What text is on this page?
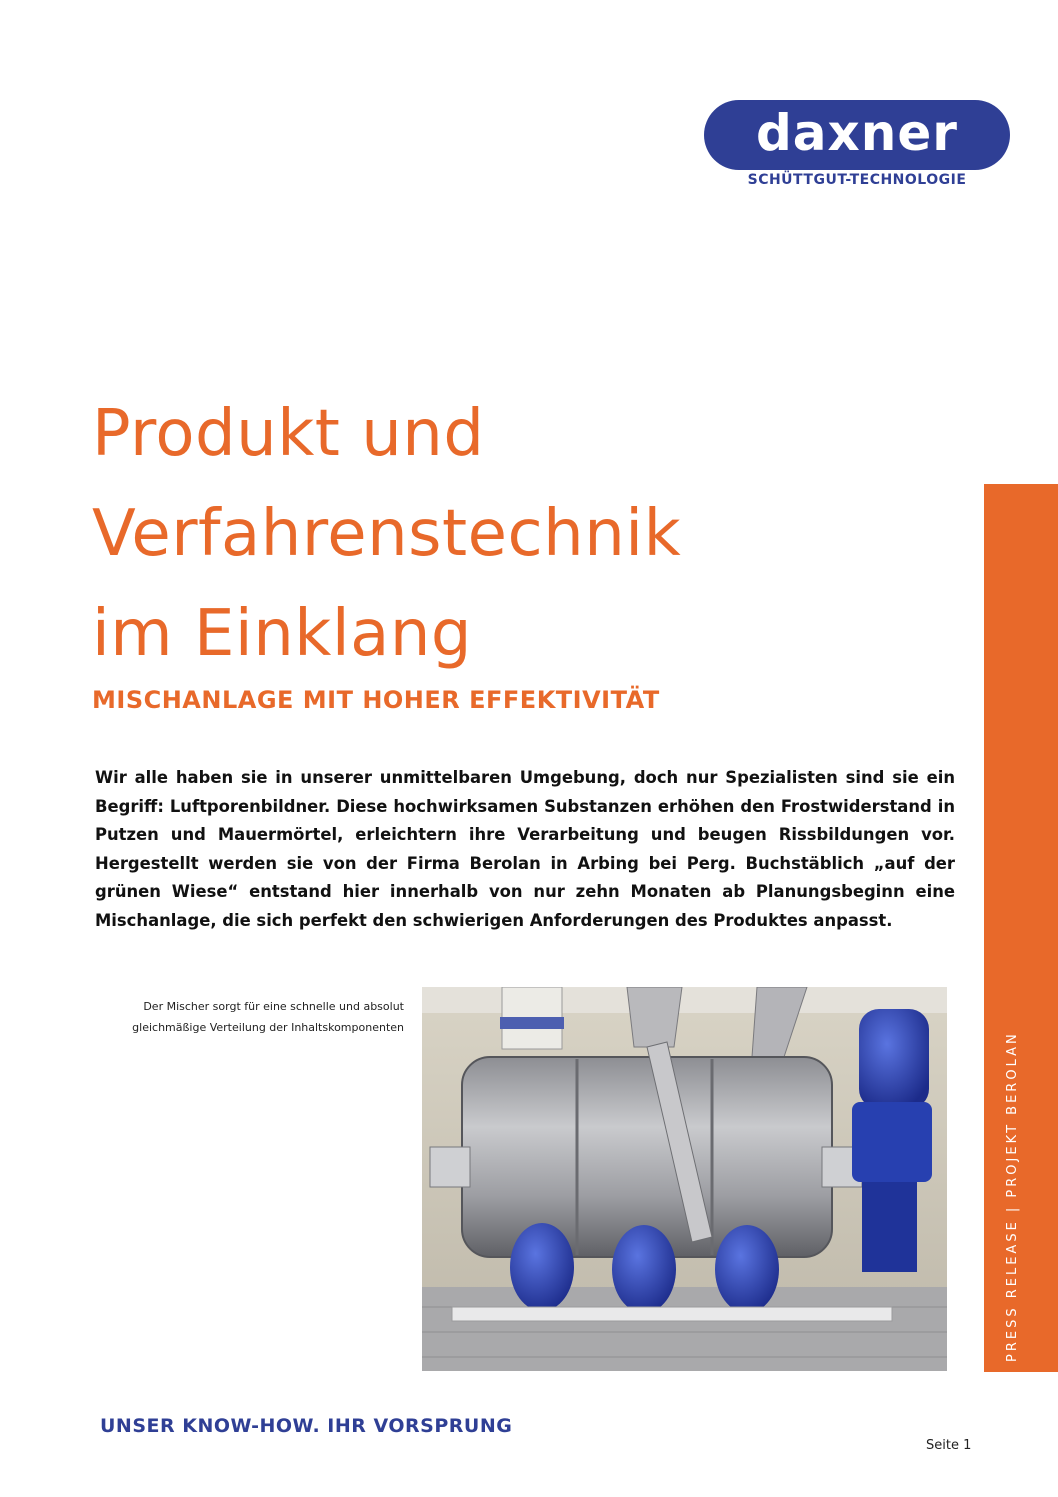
daxner
SCHÜTTGUT-TECHNOLOGIE
Produkt und
Verfahrenstechnik
im Einklang
MISCHANLAGE MIT HOHER EFFEKTIVITÄT

Wir alle haben sie in unserer unmittelbaren Umgebung, doch nur Spezialisten sind sie ein Begriff: Luftporenbildner. Diese hochwirksamen Substanzen erhöhen den Frostwiderstand in Putzen und Mauermörtel, erleichtern ihre Verarbeitung und beugen Rissbildungen vor. Hergestellt werden sie von der Firma Berolan in Arbing bei Perg. Buchstäblich „auf der grünen Wiese“ entstand hier innerhalb von nur zehn Monaten ab Planungsbeginn eine Mischanlage, die sich perfekt den schwierigen Anforderungen des Produktes anpasst.

Der Mischer sorgt für eine schnelle und absolut gleichmäßige Verteilung der Inhaltskomponenten

PRESS RELEASE | PROJEKT BEROLAN

UNSER KNOW-HOW. IHR VORSPRUNG

Seite 1
